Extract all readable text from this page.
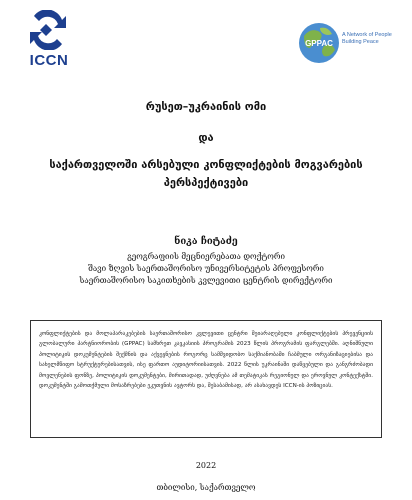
ICCN
GPPAC
A Network of People
Building Peace
რუსეთ–უკრაინის ომი
და
საქართველოში არსებული კონფლიქტების მოგვარების
პერსპექტივები
ნიკა ჩიტაძე
გეოგრაფიის მეცნიერებათა დოქტორი
შავი ზღვის საერთაშორისო უნივერსიტეტის პროფესორი
საერთაშორისო საკითხების კვლევითი ცენტრის დირექტორი

კონფლიქტების და მოლაპარაკებების საერთაშორისო კვლევითი ცენტრი შეიარაღებული კონფლიქტების პრევენციის გლობალური პარტნიორობის (GPPAC) სამხრეთ კავკასიის პროგრამის 2023 წლის პროგრამის ფარგლებში. აღნიშნული პოლიტიკის დოკუმენტების შექმნის და აქვეყნების როგორც სამშვიდობო საქმიანობაში ჩაბმული ორგანიზაციებისა და სახელმწიფო სტრუქტურებისათვის, ისე ფართო აუდიტორიისათვის. 2022 წლის უკრაინაში დაწყებული და განგრძობადი მოვლენების ფონზე, პოლიტიკის დოკუმენტები, მირითადად, უძღვნება ამ თემატიკას რეგიონულ და ეროვნულ კონტექსტში. დოკუმენტში გამოთქმული მოსაზრებები ეკუთვნის ავტორს და, შესაბამისად, არ ასახავდეს ICCN-ის პოზიციას.

2022
თბილისი, საქართველო
